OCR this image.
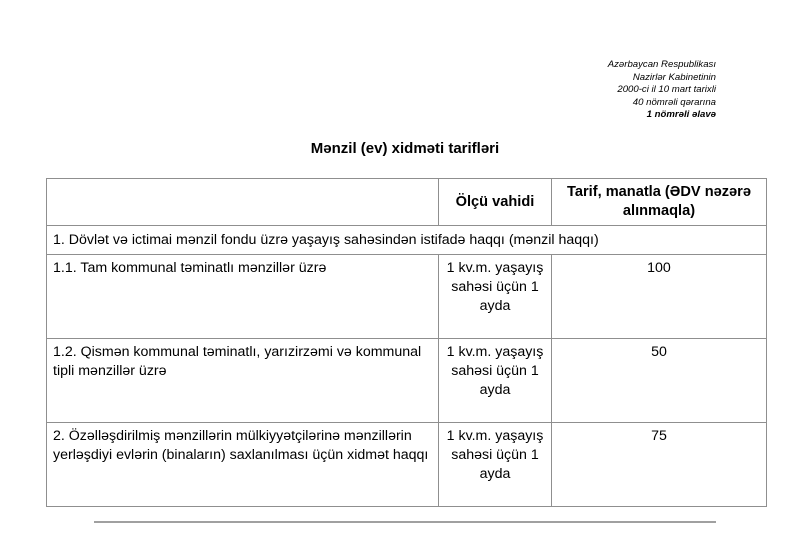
Azərbaycan Respublikası
Nazirlər Kabinetinin
2000-ci il 10 mart tarixli
40 nömrəli qərarına
1 nömrəli əlavə
Mənzil (ev) xidməti tarifləri
	Ölçü vahidi	Tarif, manatla (ƏDV nəzərə alınmaqla)
1. Dövlət və ictimai mənzil fondu üzrə yaşayış sahəsindən istifadə haqqı (mənzil haqqı)		
1.1. Tam kommunal təminatlı mənzillər üzrə	1 kv.m. yaşayış sahəsi üçün 1 ayda	100
1.2. Qismən kommunal təminatlı, yarızirzəmi və kommunal tipli mənzillər üzrə	1 kv.m. yaşayış sahəsi üçün 1 ayda	50
2. Özəlləşdirilmiş mənzillərin mülkiyyətçilərinə mənzillərin yerləşdiyi evlərin (binaların) saxlanılması üçün xidmət haqqı	1 kv.m. yaşayış sahəsi üçün 1 ayda	75
